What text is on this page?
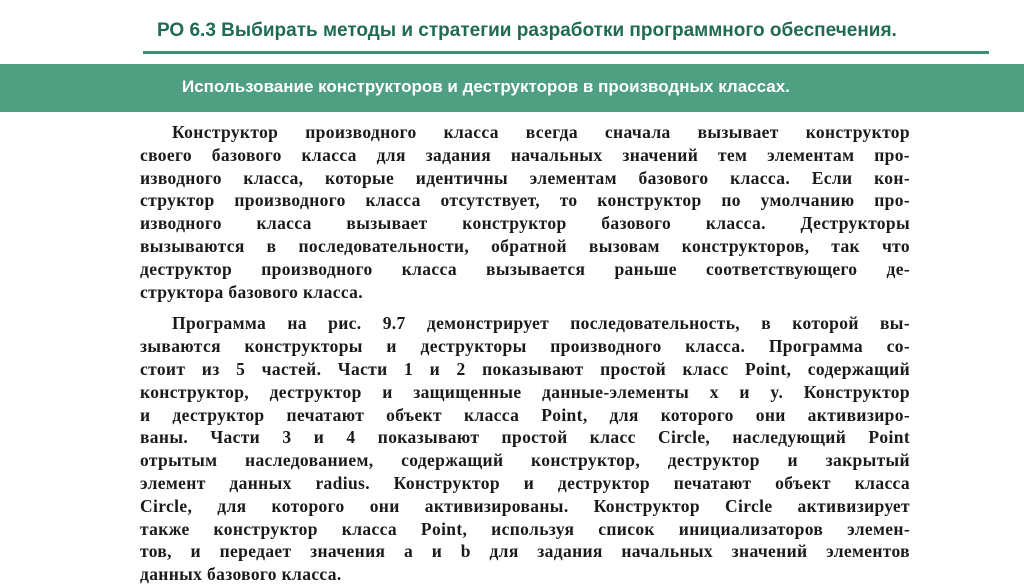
РО 6.3 Выбирать методы и стратегии разработки программного обеспечения.
Использование конструкторов и деструкторов в производных классах.
Конструктор производного класса всегда сначала вызывает конструктор
своего базового класса для задания начальных значений тем элементам про-
изводного класса, которые идентичны элементам базового класса. Если кон-
структор производного класса отсутствует, то конструктор по умолчанию про-
изводного класса вызывает конструктор базового класса. Деструкторы
вызываются в последовательности, обратной вызовам конструкторов, так что
деструктор производного класса вызывается раньше соответствующего де-
структора базового класса.
Программа на рис. 9.7 демонстрирует последовательность, в которой вы-
зываются конструкторы и деструкторы производного класса. Программа со-
стоит из 5 частей. Части 1 и 2 показывают простой класс Point, содержащий
конструктор, деструктор и защищенные данные-элементы x и y. Конструктор
и деструктор печатают объект класса Point, для которого они активизиро-
ваны. Части 3 и 4 показывают простой класс Circle, наследующий Point
отрытым наследованием, содержащий конструктор, деструктор и закрытый
элемент данных radius. Конструктор и деструктор печатают объект класса
Circle, для которого они активизированы. Конструктор Circle активизирует
также конструктор класса Point, используя список инициализаторов элемен-
тов, и передает значения a и b для задания начальных значений элементов
данных базового класса.
